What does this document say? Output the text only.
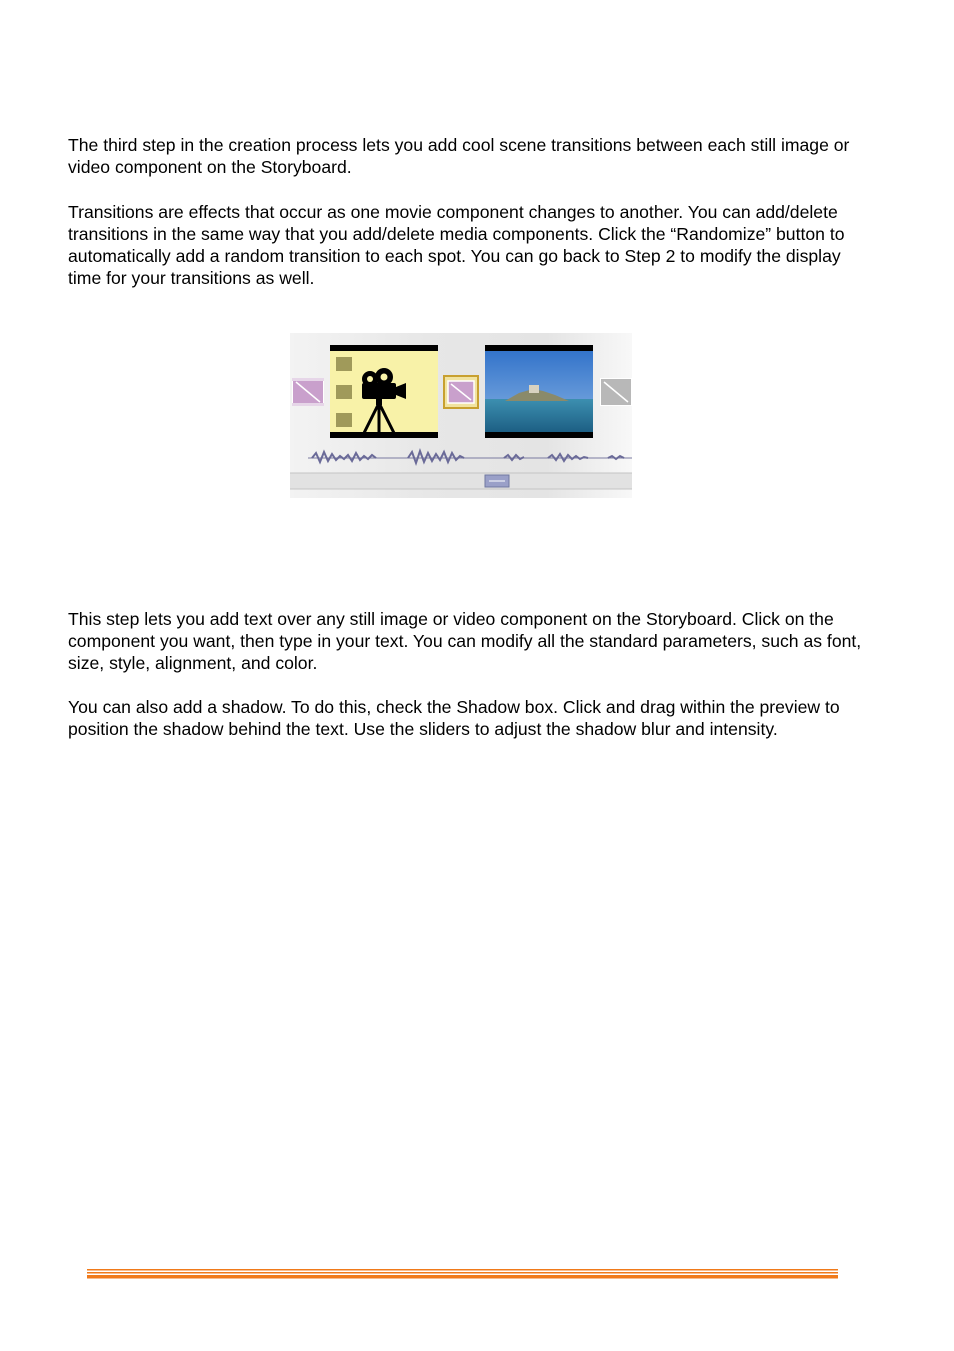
The third step in the creation process lets you add cool scene transitions between each still image or video component on the Storyboard.

Transitions are effects that occur as one movie component changes to another. You can add/delete transitions in the same way that you add/delete media components. Click the “Randomize” button to automatically add a random transition to each spot. You can go back to Step 2 to modify the display time for your transitions as well.

This step lets you add text over any still image or video component on the Storyboard. Click on the component you want, then type in your text. You can modify all the standard parameters, such as font, size, style, alignment, and color.

You can also add a shadow. To do this, check the Shadow box. Click and drag within the preview to position the shadow behind the text. Use the sliders to adjust the shadow blur and intensity.
